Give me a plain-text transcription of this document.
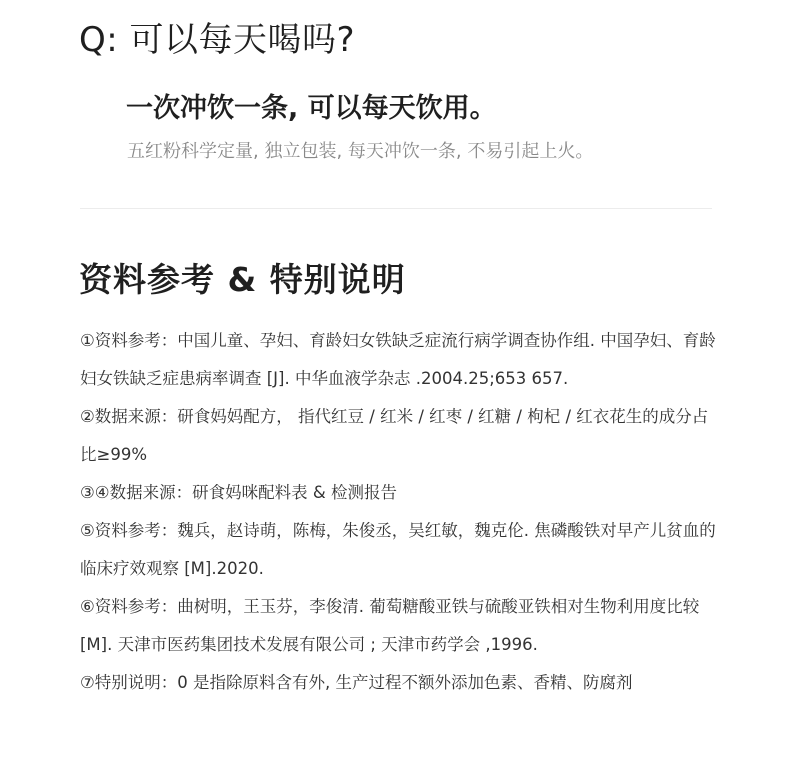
Q: 可以每天喝吗?
一次冲饮一条, 可以每天饮用。

五红粉科学定量, 独立包装, 每天冲饮一条, 不易引起上火。

资料参考 & 特别说明

①资料参考：中国儿童、孕妇、育龄妇女铁缺乏症流行病学调查协作组. 中国孕妇、育龄妇女铁缺乏症患病率调查 [J]. 中华血液学杂志 .2004.25;653 657.

②数据来源：研食妈妈配方， 指代红豆 / 红米 / 红枣 / 红糖 / 枸杞 / 红衣花生的成分占比≥99%

③④数据来源：研食妈咪配料表 & 检测报告

⑤资料参考：魏兵，赵诗萌，陈梅，朱俊丞，吴红敏，魏克伦. 焦磷酸铁对早产儿贫血的临床疗效观察 [M].2020.

⑥资料参考：曲树明，王玉芬，李俊清. 葡萄糖酸亚铁与硫酸亚铁相对生物利用度比较 [M]. 天津市医药集团技术发展有限公司 ; 天津市药学会 ,1996.

⑦特别说明：0 是指除原料含有外, 生产过程不额外添加色素、香精、防腐剂
